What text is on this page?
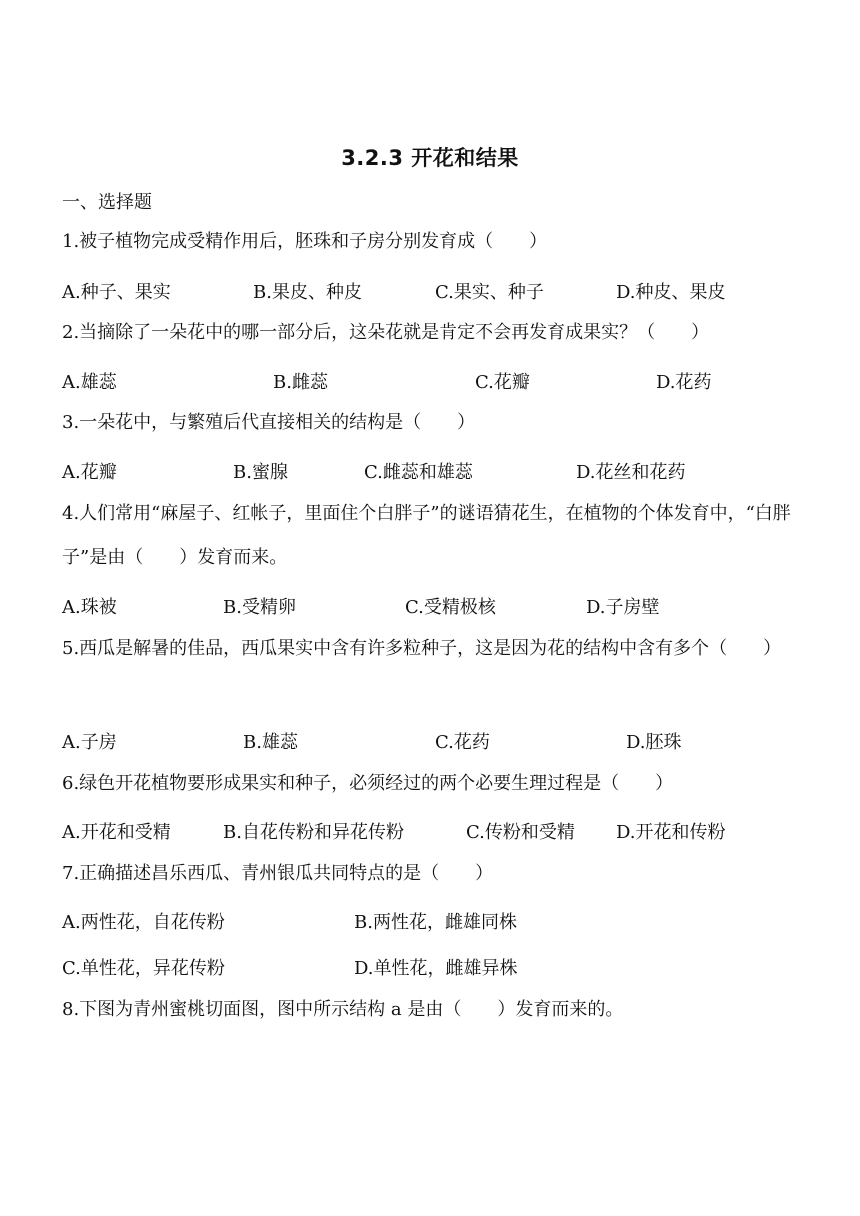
3.2.3 开花和结果
一、选择题
1.被子植物完成受精作用后，胚珠和子房分别发育成（　　）
A.种子、果实	B.果皮、种皮	C.果实、种子	D.种皮、果皮
2.当摘除了一朵花中的哪一部分后，这朵花就是肯定不会再发育成果实？（　　）
A.雄蕊	B.雌蕊	C.花瓣	D.花药
3.一朵花中，与繁殖后代直接相关的结构是（　　）
A.花瓣	B.蜜腺	C.雌蕊和雄蕊	D.花丝和花药
4.人们常用“麻屋子、红帐子，里面住个白胖子”的谜语猜花生，在植物的个体发育中，“白胖子”是由（　　）发育而来。
A.珠被	B.受精卵	C.受精极核	D.子房壁
5.西瓜是解暑的佳品，西瓜果实中含有许多粒种子，这是因为花的结构中含有多个（　　）
A.子房	B.雄蕊	C.花药	D.胚珠
6.绿色开花植物要形成果实和种子，必须经过的两个必要生理过程是（　　）
A.开花和受精	B.自花传粉和异花传粉	C.传粉和受精 D.开花和传粉
7.正确描述昌乐西瓜、青州银瓜共同特点的是（　　）
A.两性花，自花传粉	B.两性花，雌雄同株
C.单性花，异花传粉	D.单性花，雌雄异株
8.下图为青州蜜桃切面图，图中所示结构 a 是由（　　）发育而来的。
